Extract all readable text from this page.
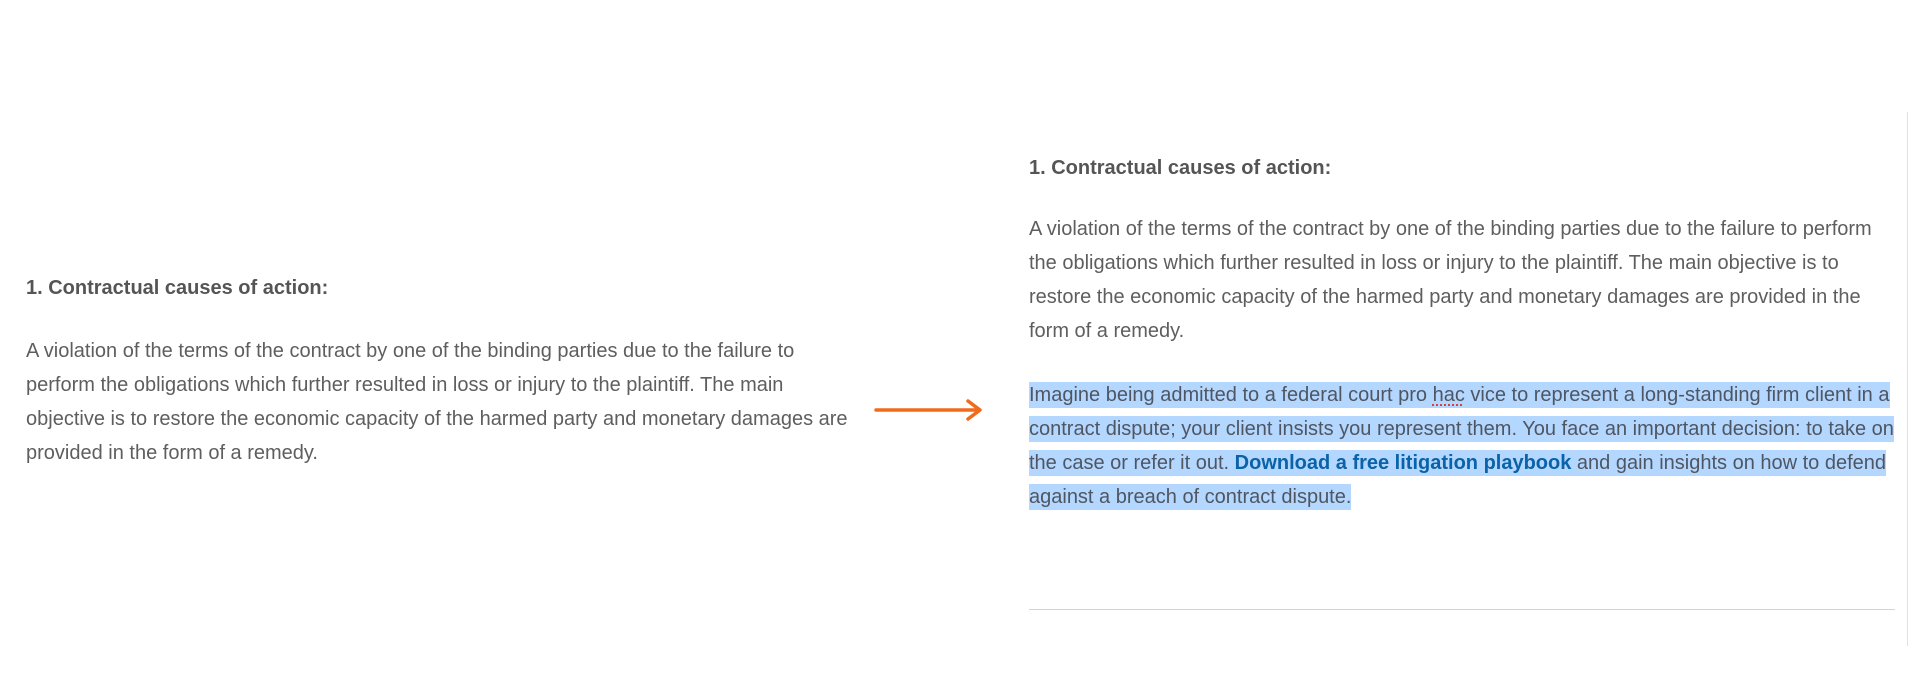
1. Contractual causes of action:

A violation of the terms of the contract by one of the binding parties due to the failure to perform the obligations which further resulted in loss or injury to the plaintiff. The main objective is to restore the economic capacity of the harmed party and monetary damages are provided in the form of a remedy.

1. Contractual causes of action:

A violation of the terms of the contract by one of the binding parties due to the failure to perform the obligations which further resulted in loss or injury to the plaintiff. The main objective is to restore the economic capacity of the harmed party and monetary damages are provided in the form of a remedy.

Imagine being admitted to a federal court pro hac vice to represent a long-standing firm client in a contract dispute; your client insists you represent them. You face an important decision: to take on the case or refer it out. Download a free litigation playbook and gain insights on how to defend against a breach of contract dispute.
